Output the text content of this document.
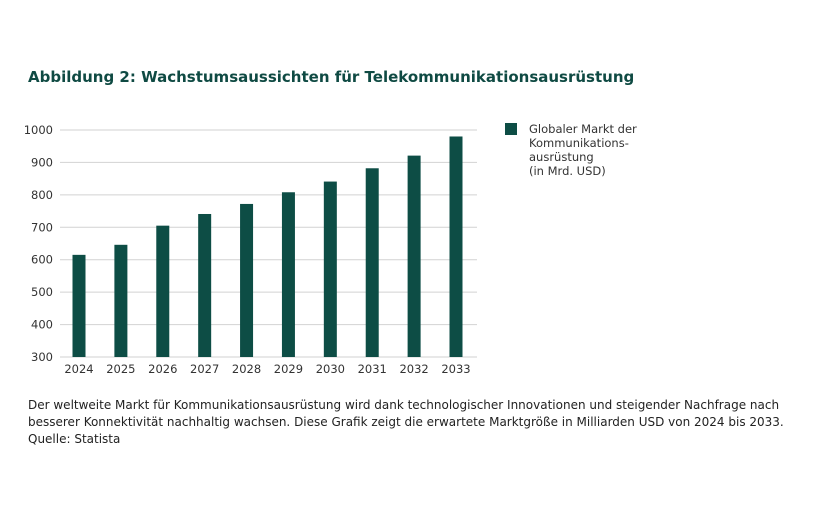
Abbildung 2: Wachstumsaussichten für Telekommunikationsausrüstung
300
400
500
600
700
800
900
1000
2024 2025 2026 2027 2028 2029 2030 2031 2032 2033
Globaler Markt der
Kommunikations-
ausrüstung
(in Mrd. USD)
Der weltweite Markt für Kommunikationsausrüstung wird dank technologischer Innovationen und steigender Nachfrage nach
besserer Konnektivität nachhaltig wachsen. Diese Grafik zeigt die erwartete Marktgröße in Milliarden USD von 2024 bis 2033.
Quelle: Statista
